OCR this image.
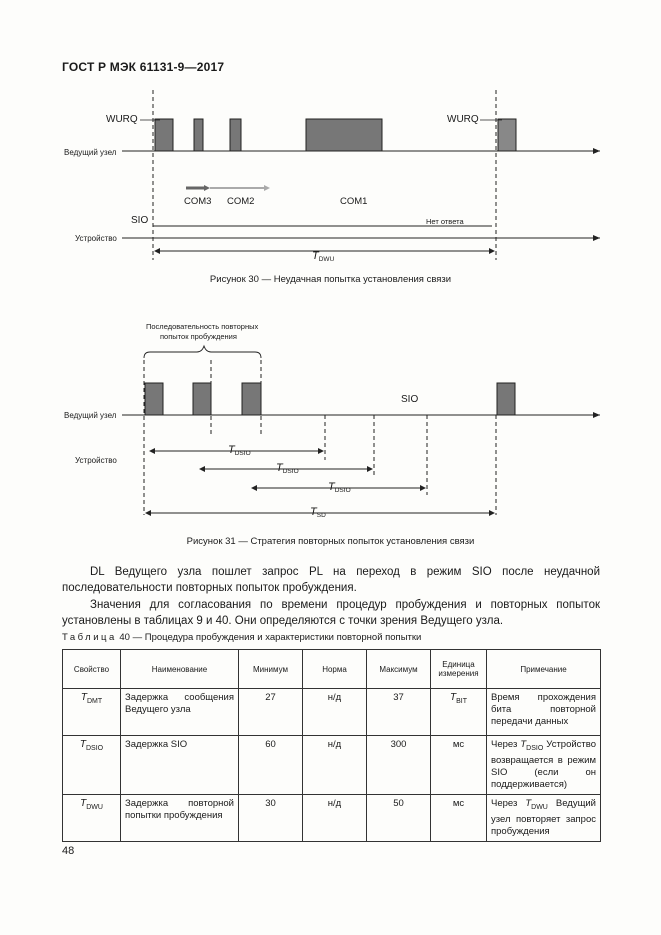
ГОСТ Р МЭК 61131-9—2017
WURQ	WURQ
Ведущий узел
COM3 COM2	COM1
SIO	Нет ответа
Устройство
TDWU
Рисунок 30 — Неудачная попытка установления связи
Последовательность повторных попыток пробуждения
SIO
Ведущий узел
Устройство
TDSIO
TDSIO
TDSIO
TSD
Рисунок 31 — Стратегия повторных попыток установления связи
DL Ведущего узла пошлет запрос PL на переход в режим SIO после неудачной последовательности повторных попыток пробуждения.
Значения для согласования по времени процедур пробуждения и повторных попыток установлены в таблицах 9 и 40. Они определяются с точки зрения Ведущего узла.
Таблица 40 — Процедура пробуждения и характеристики повторной попытки
Свойство	Наименование	Минимум	Норма	Максимум	Единица измерения	Примечание
$T_{DMT}$	Задержка сообщения Ведущего узла	27	н/д	37	$T_{BIT}$	Время прохождения бита повторной передачи данных
$T_{DSIO}$	Задержка SIO	60	н/д	300	мс	Через $T_{DSIO}$ Устройство возвращается в режим SIO (если он поддерживается)
$T_{DWU}$	Задержка повторной попытки пробуждения	30	н/д	50	мс	Через $T_{DWU}$ Ведущий узел повторяет запрос пробуждения
48
